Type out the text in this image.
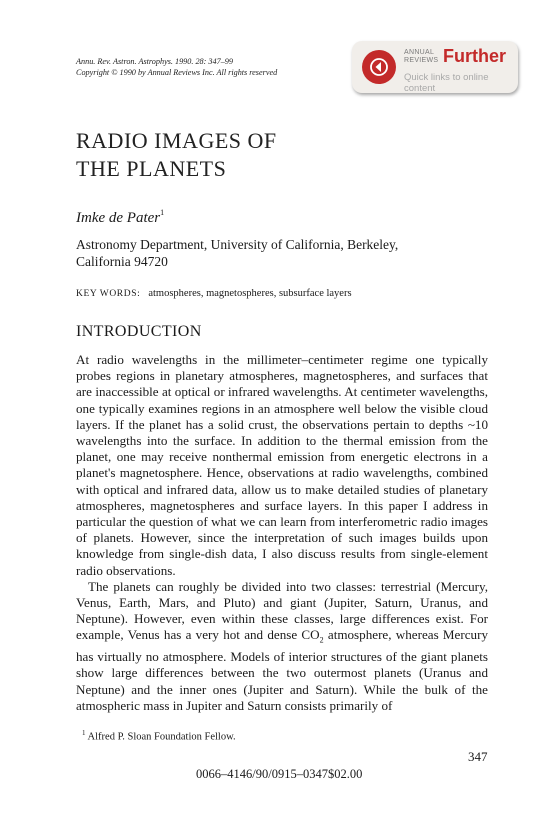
Annu. Rev. Astron. Astrophys. 1990. 28: 347–99
Copyright © 1990 by Annual Reviews Inc. All rights reserved
ANNUAL
REVIEWS Further
Quick links to online content
RADIO IMAGES OF
THE PLANETS
Imke de Pater$^1$
Astronomy Department, University of California, Berkeley,
California 94720
KEY WORDS: atmospheres, magnetospheres, subsurface layers
INTRODUCTION

At radio wavelengths in the millimeter–centimeter regime one typically probes regions in planetary atmospheres, magnetospheres, and surfaces that are inaccessible at optical or infrared wavelengths. At centimeter wavelengths, one typically examines regions in an atmosphere well below the visible cloud layers. If the planet has a solid crust, the observations pertain to depths ~10 wavelengths into the surface. In addition to the thermal emission from the planet, one may receive nonthermal emission from energetic electrons in a planet's magnetosphere. Hence, observations at radio wavelengths, combined with optical and infrared data, allow us to make detailed studies of planetary atmospheres, magnetospheres and surface layers. In this paper I address in particular the question of what we can learn from interferometric radio images of planets. However, since the interpretation of such images builds upon knowledge from single-dish data, I also discuss results from single-element radio observations.

The planets can roughly be divided into two classes: terrestrial (Mercury, Venus, Earth, Mars, and Pluto) and giant (Jupiter, Saturn, Uranus, and Neptune). However, even within these classes, large differences exist. For example, Venus has a very hot and dense $CO_2$ atmosphere, whereas Mercury has virtually no atmosphere. Models of interior structures of the giant planets show large differences between the two outermost planets (Uranus and Neptune) and the inner ones (Jupiter and Saturn). While the bulk of the atmospheric mass in Jupiter and Saturn consists primarily of

$^1$ Alfred P. Sloan Foundation Fellow.
347
0066–4146/90/0915–0347$02.00
